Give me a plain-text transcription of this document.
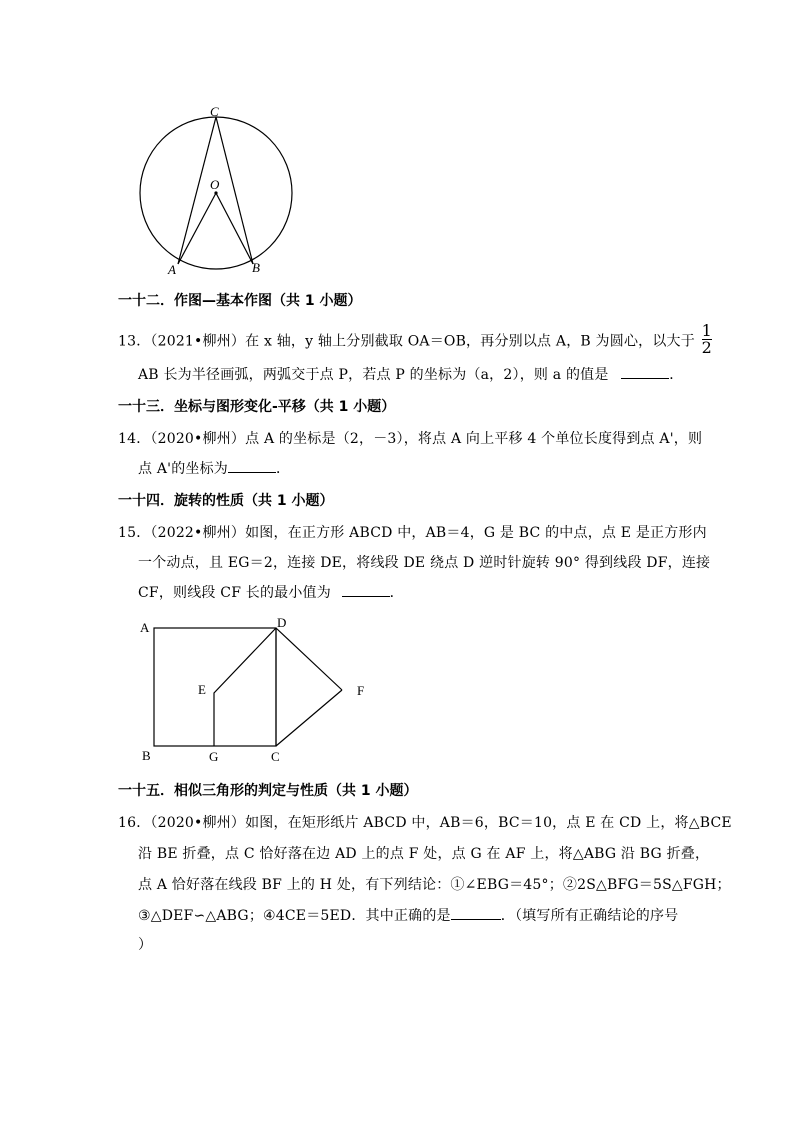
C
O
A	B
一十二．作图—基本作图（共 1 小题）
13．（2021•柳州）在 x 轴，y 轴上分别截取 OA＝OB，再分别以点 A，B 为圆心，以大于 $\frac{1}{2}$
AB 长为半径画弧，两弧交于点 P，若点 P 的坐标为（a，2），则 a 的值是	．
一十三．坐标与图形变化-平移（共 1 小题）
14．（2020•柳州）点 A 的坐标是（2，－3），将点 A 向上平移 4 个单位长度得到点 A'，则
点 A'的坐标为	．
一十四．旋转的性质（共 1 小题）
15．（2022•柳州）如图，在正方形 ABCD 中，AB＝4，G 是 BC 的中点，点 E 是正方形内
一个动点，且 EG＝2，连接 DE，将线段 DE 绕点 D 逆时针旋转 90° 得到线段 DF，连接
CF，则线段 CF 长的最小值为	．
A	D
E	F
B	G	C
一十五．相似三角形的判定与性质（共 1 小题）
16．（2020•柳州）如图，在矩形纸片 ABCD 中，AB＝6，BC＝10，点 E 在 CD 上，将△BCE
沿 BE 折叠，点 C 恰好落在边 AD 上的点 F 处，点 G 在 AF 上，将△ABG 沿 BG 折叠，
点 A 恰好落在线段 BF 上的 H 处，有下列结论：①∠EBG＝45°；②2S△BFG＝5S△FGH；
③△DEF∽△ABG；④4CE＝5ED．其中正确的是	．（填写所有正确结论的序号
）
